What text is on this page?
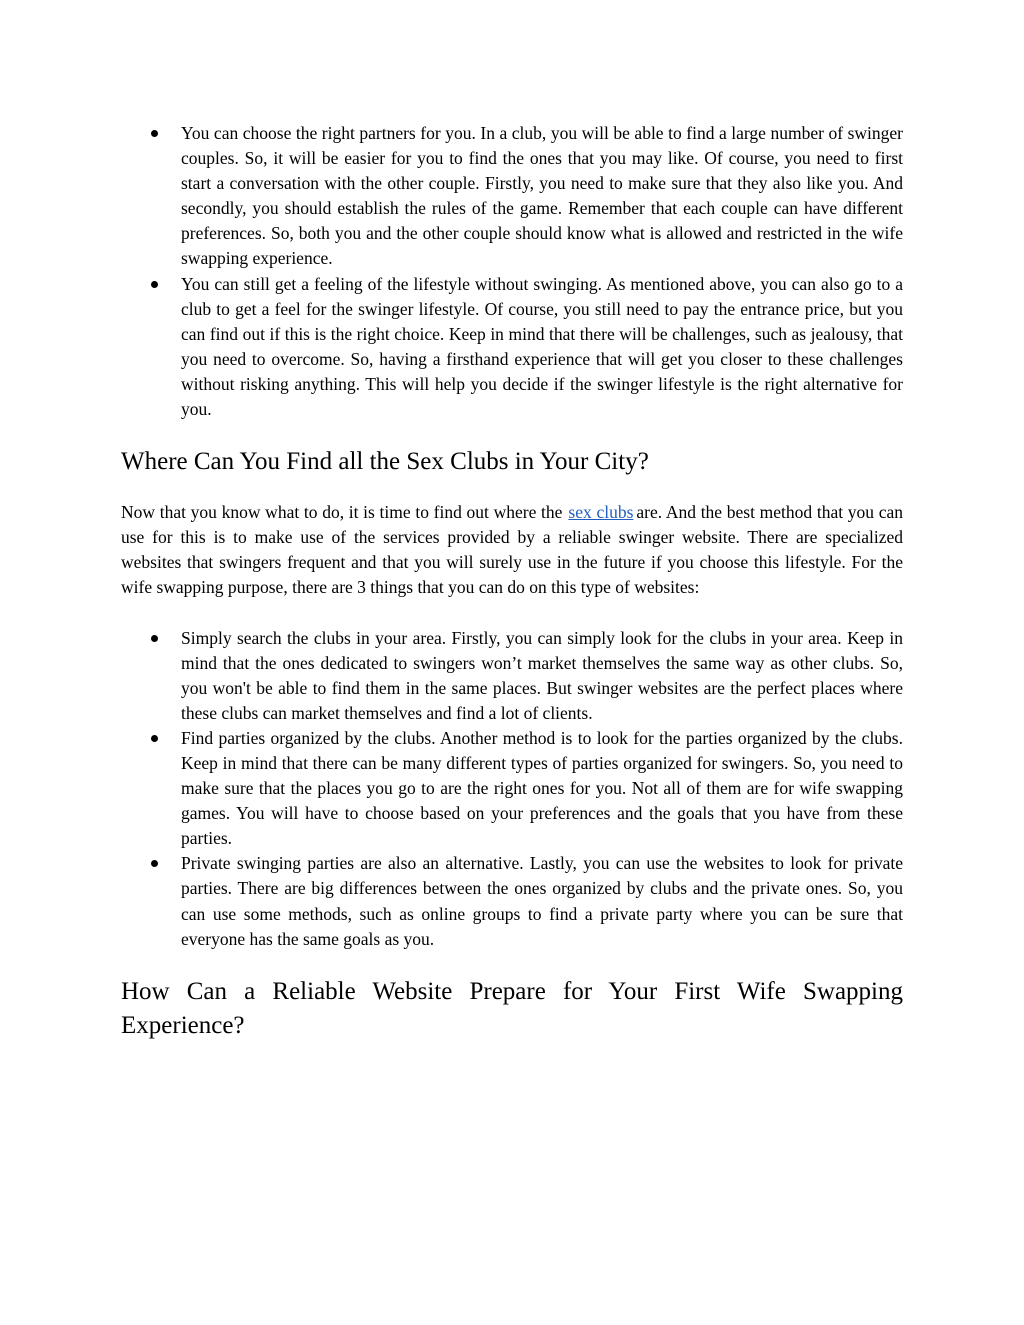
You can choose the right partners for you. In a club, you will be able to find a large number of swinger couples. So, it will be easier for you to find the ones that you may like. Of course, you need to first start a conversation with the other couple. Firstly, you need to make sure that they also like you. And secondly, you should establish the rules of the game. Remember that each couple can have different preferences. So, both you and the other couple should know what is allowed and restricted in the wife swapping experience.
You can still get a feeling of the lifestyle without swinging. As mentioned above, you can also go to a club to get a feel for the swinger lifestyle. Of course, you still need to pay the entrance price, but you can find out if this is the right choice. Keep in mind that there will be challenges, such as jealousy, that you need to overcome. So, having a firsthand experience that will get you closer to these challenges without risking anything. This will help you decide if the swinger lifestyle is the right alternative for you.
Where Can You Find all the Sex Clubs in Your City?

Now that you know what to do, it is time to find out where the sex clubs are. And the best method that you can use for this is to make use of the services provided by a reliable swinger website. There are specialized websites that swingers frequent and that you will surely use in the future if you choose this lifestyle. For the wife swapping purpose, there are 3 things that you can do on this type of websites:

Simply search the clubs in your area. Firstly, you can simply look for the clubs in your area. Keep in mind that the ones dedicated to swingers won’t market themselves the same way as other clubs. So, you won't be able to find them in the same places. But swinger websites are the perfect places where these clubs can market themselves and find a lot of clients.
Find parties organized by the clubs. Another method is to look for the parties organized by the clubs. Keep in mind that there can be many different types of parties organized for swingers. So, you need to make sure that the places you go to are the right ones for you. Not all of them are for wife swapping games. You will have to choose based on your preferences and the goals that you have from these parties.
Private swinging parties are also an alternative. Lastly, you can use the websites to look for private parties. There are big differences between the ones organized by clubs and the private ones. So, you can use some methods, such as online groups to find a private party where you can be sure that everyone has the same goals as you.
How Can a Reliable Website Prepare for Your First Wife Swapping Experience?
